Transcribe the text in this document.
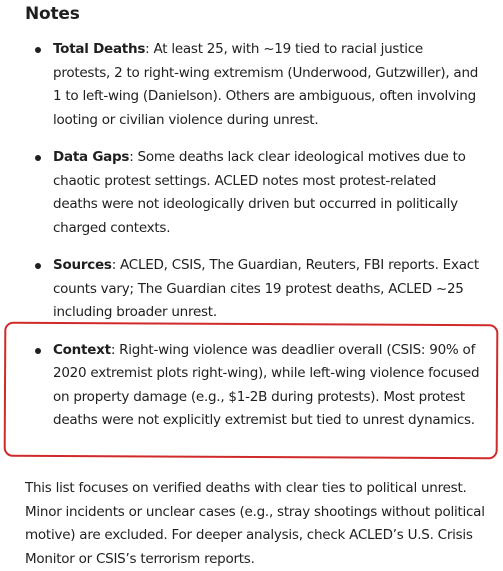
Notes
Total Deaths: At least 25, with ~19 tied to racial justice protests, 2 to right-wing extremism (Underwood, Gutzwiller), and 1 to left-wing (Danielson). Others are ambiguous, often involving looting or civilian violence during unrest.
Data Gaps: Some deaths lack clear ideological motives due to chaotic protest settings. ACLED notes most protest-related deaths were not ideologically driven but occurred in politically charged contexts.
Sources: ACLED, CSIS, The Guardian, Reuters, FBI reports. Exact counts vary; The Guardian cites 19 protest deaths, ACLED ~25 including broader unrest.
Context: Right-wing violence was deadlier overall (CSIS: 90% of 2020 extremist plots right-wing), while left-wing violence focused on property damage (e.g., $1-2B during protests). Most protest deaths were not explicitly extremist but tied to unrest dynamics.

This list focuses on verified deaths with clear ties to political unrest. Minor incidents or unclear cases (e.g., stray shootings without political motive) are excluded. For deeper analysis, check ACLED’s U.S. Crisis Monitor or CSIS’s terrorism reports.
